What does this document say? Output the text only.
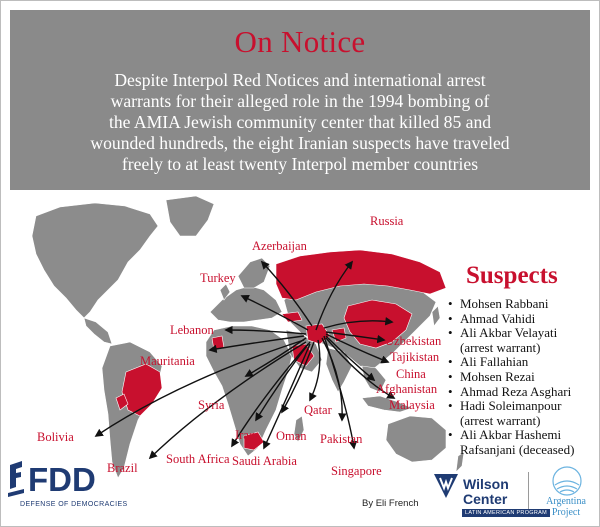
On Notice
Despite Interpol Red Notices and international arrest
warrants for their alleged role in the 1994 bombing of
the AMIA Jewish community center that killed 85 and
wounded hundreds, the eight Iranian suspects have traveled
freely to at least twenty Interpol member countries
Russia
Azerbaijan
Turkey
Lebanon
Mauritania
Syria
Iraq Oman
Qatar
Pakistan
Singapore
Uzbekistan
Tajikistan
China
Afghanistan
Malaysia
Bolivia
Brazil
South Africa Saudi Arabia
Suspects
• Mohsen Rabbani
• Ahmad Vahidi
• Ali Akbar Velayati
(arrest warrant)
• Ali Fallahian
• Mohsen Rezai
• Ahmad Reza Asghari
• Hadi Soleimanpour
(arrest warrant)
• Ali Akbar Hashemi
Rafsanjani (deceased)
FDD
DEFENSE OF DEMOCRACIES	By Eli French
Wilson
Center
LATIN AMERICAN PROGRAM
Argentina
Project
